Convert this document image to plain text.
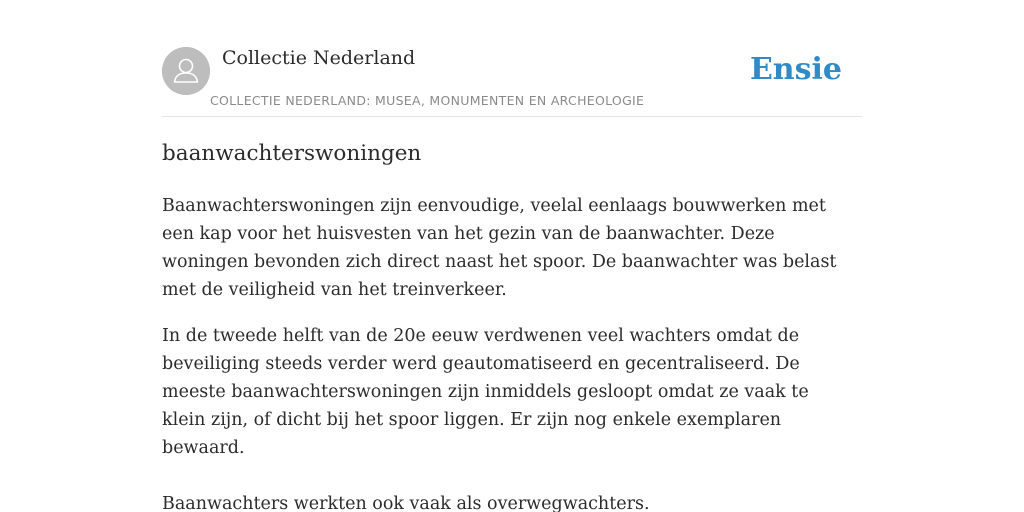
Collectie Nederland
COLLECTIE NEDERLAND: MUSEA, MONUMENTEN EN ARCHEOLOGIE
Ensie
baanwachterswoningen

Baanwachterswoningen zijn eenvoudige, veelal eenlaags bouwwerken met een kap voor het huisvesten van het gezin van de baanwachter. Deze woningen bevonden zich direct naast het spoor. De baanwachter was belast met de veiligheid van het treinverkeer.

In de tweede helft van de 20e eeuw verdwenen veel wachters omdat de beveiliging steeds verder werd geautomatiseerd en gecentraliseerd. De meeste baanwachterswoningen zijn inmiddels gesloopt omdat ze vaak te klein zijn, of dicht bij het spoor liggen. Er zijn nog enkele exemplaren bewaard.

Baanwachters werkten ook vaak als overwegwachters.
